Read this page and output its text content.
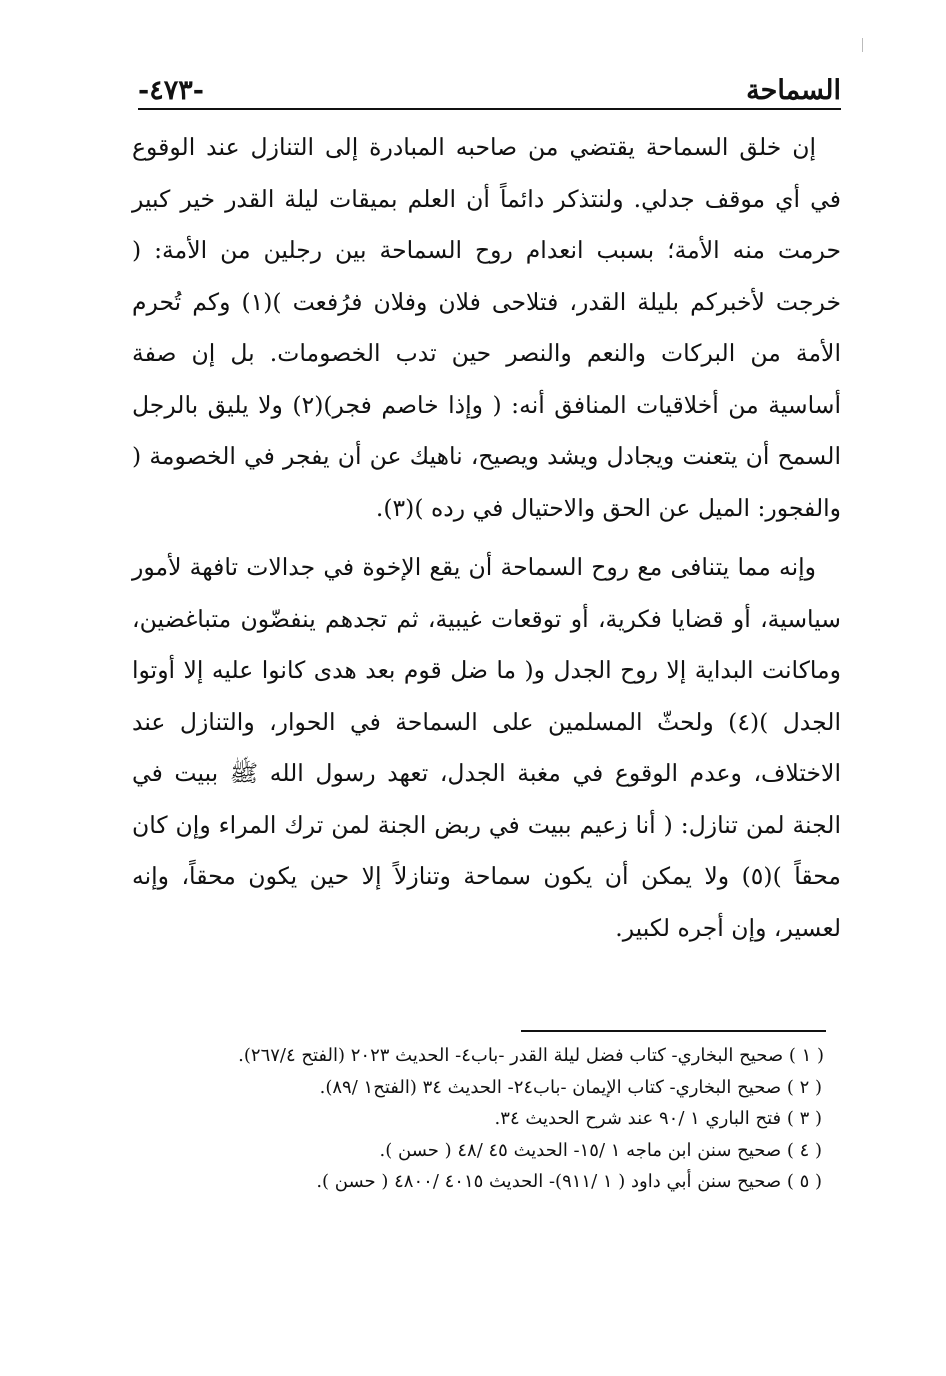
السماحة
-٤٧٣-

إن خلق السماحة يقتضي من صاحبه المبادرة إلى التنازل عند الوقوع في أي موقف جدلي. ولنتذكر دائماً أن العلم بميقات ليلة القدر خير كبير حرمت منه الأمة؛ بسبب انعدام روح السماحة بين رجلين من الأمة: ( خرجت لأخبركم بليلة القدر، فتلاحى فلان وفلان فرُفعت )(١) وكم تُحرم الأمة من البركات والنعم والنصر حين تدب الخصومات. بل إن صفة أساسية من أخلاقيات المنافق أنه: ( وإذا خاصم فجر)(٢) ولا يليق بالرجل السمح أن يتعنت ويجادل ويشد ويصيح، ناهيك عن أن يفجر في الخصومة ( والفجور: الميل عن الحق والاحتيال في رده )(٣).

وإنه مما يتنافى مع روح السماحة أن يقع الإخوة في جدالات تافهة لأمور سياسية، أو قضايا فكرية، أو توقعات غيبية، ثم تجدهم ينفضّون متباغضين، وماكانت البداية إلا روح الجدل و( ما ضل قوم بعد هدى كانوا عليه إلا أوتوا الجدل )(٤) ولحثّ المسلمين على السماحة في الحوار، والتنازل عند الاختلاف، وعدم الوقوع في مغبة الجدل، تعهد رسول الله ﷺ ببيت في الجنة لمن تنازل: ( أنا زعيم ببيت في ربض الجنة لمن ترك المراء وإن كان محقاً )(٥) ولا يمكن أن يكون سماحة وتنازلاً إلا حين يكون محقاً، وإنه لعسير، وإن أجره لكبير.

( ١ ) صحيح البخاري- كتاب فضل ليلة القدر -باب٤- الحديث ٢٠٢٣ (الفتح ٢٦٧/٤).

( ٢ ) صحيح البخاري- كتاب الإيمان -باب٢٤- الحديث ٣٤ (الفتح١ /٨٩).

( ٣ ) فتح الباري ١ /٩٠ عند شرح الحديث ٣٤.

( ٤ ) صحيح سنن ابن ماجه ١ /١٥- الحديث ٤٥ /٤٨ ( حسن ).

( ٥ ) صحيح سنن أبي داود ( ١ /٩١١)- الحديث ٤٠١٥ /٤٨٠٠ ( حسن ).
